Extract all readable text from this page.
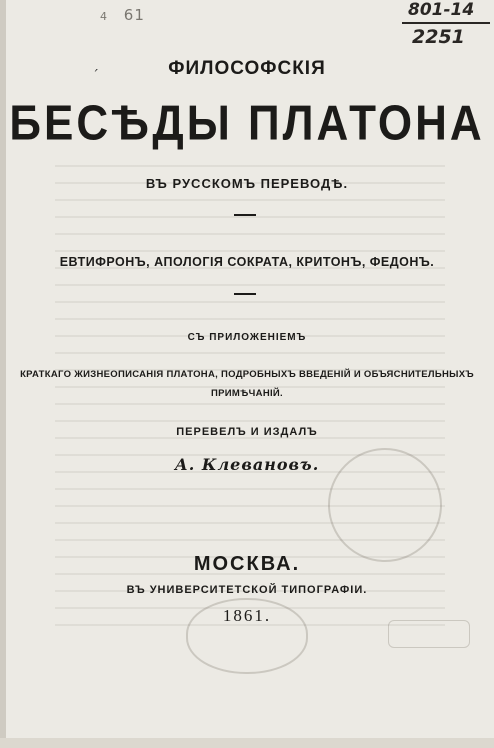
4 61	801-14
2251
ˊ	ФИЛОСОФСКІЯ
БЕСѢДЫ ПЛАТОНА
ВЪ РУССКОМЪ ПЕРЕВОДѢ.
ЕВТИФРОНЪ, АПОЛОГІЯ СОКРАТА, КРИТОНЪ, ФЕДОНЪ.
СЪ ПРИЛОЖЕНІЕМЪ
КРАТКАГО ЖИЗНЕОПИСАНІЯ ПЛАТОНА, ПОДРОБНЫХЪ ВВЕДЕНІЙ И ОБЪЯСНИТЕЛЬНЫХЪ
ПРИМѢЧАНІЙ.
ПЕРЕВЕЛЪ И ИЗДАЛЪ
А. Клевановъ.
МОСКВА.
ВЪ УНИВЕРСИТЕТСКОЙ ТИПОГРАФІИ.
1861.
